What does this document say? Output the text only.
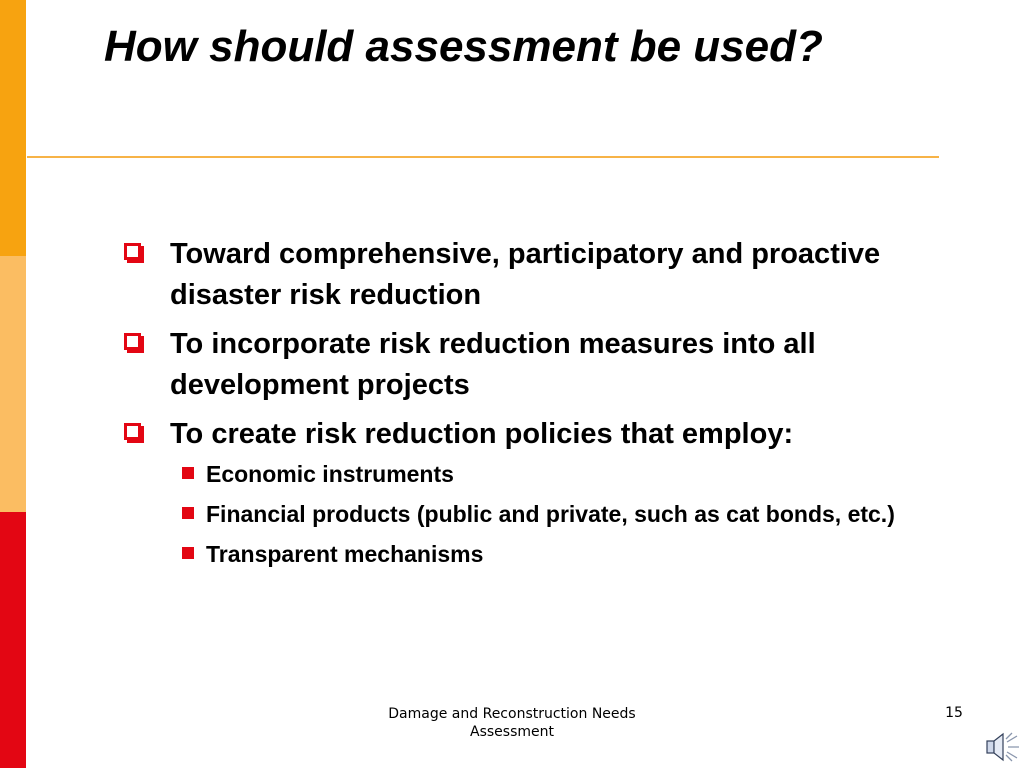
How should assessment be used?
Toward comprehensive, participatory and proactive disaster risk reduction
To incorporate risk reduction measures into all development projects
To create risk reduction policies that employ:
Economic instruments
Financial products (public and private, such as cat bonds, etc.)
Transparent mechanisms
Damage and Reconstruction Needs Assessment
15
